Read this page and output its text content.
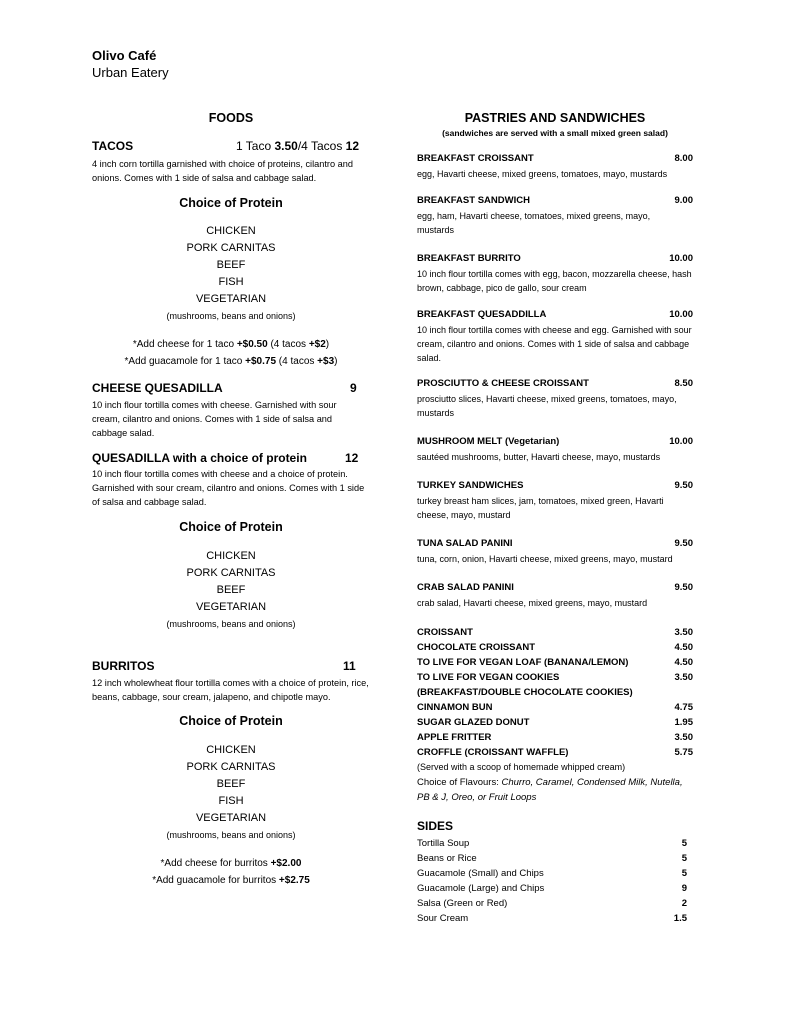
Olivo Café
Urban Eatery
FOODS
TACOS	1 Taco 3.50/4 Tacos 12
4 inch corn tortilla garnished with choice of proteins, cilantro and onions. Comes with 1 side of salsa and cabbage salad.
Choice of Protein
CHICKEN
PORK CARNITAS
BEEF
FISH
VEGETARIAN
(mushrooms, beans and onions)
*Add cheese for 1 taco +$0.50 (4 tacos +$2)
*Add guacamole for 1 taco +$0.75 (4 tacos +$3)
CHEESE QUESADILLA	9
10 inch flour tortilla comes with cheese. Garnished with sour cream, cilantro and onions. Comes with 1 side of salsa and cabbage salad.
QUESADILLA with a choice of protein	12
10 inch flour tortilla comes with cheese and a choice of protein. Garnished with sour cream, cilantro and onions. Comes with 1 side of salsa and cabbage salad.
Choice of Protein
CHICKEN
PORK CARNITAS
BEEF
VEGETARIAN
(mushrooms, beans and onions)
BURRITOS	11
12 inch wholewheat flour tortilla comes with a choice of protein, rice, beans, cabbage, sour cream, jalapeno, and chipotle mayo.
Choice of Protein
CHICKEN
PORK CARNITAS
BEEF
FISH
VEGETARIAN
(mushrooms, beans and onions)
*Add cheese for burritos +$2.00
*Add guacamole for burritos +$2.75
PASTRIES AND SANDWICHES
(sandwiches are served with a small mixed green salad)
BREAKFAST CROISSANT	8.00
egg, Havarti cheese, mixed greens, tomatoes, mayo, mustards
BREAKFAST SANDWICH	9.00
egg, ham, Havarti cheese, tomatoes, mixed greens, mayo, mustards
BREAKFAST BURRITO	10.00
10 inch flour tortilla comes with egg, bacon, mozzarella cheese, hash brown, cabbage, pico de gallo, sour cream
BREAKFAST QUESADDILLA	10.00
10 inch flour tortilla comes with cheese and egg. Garnished with sour cream, cilantro and onions. Comes with 1 side of salsa and cabbage salad.
PROSCIUTTO & CHEESE CROISSANT	8.50
prosciutto slices, Havarti cheese, mixed greens, tomatoes, mayo, mustards
MUSHROOM MELT (Vegetarian)	10.00
sautéed mushrooms, butter, Havarti cheese, mayo, mustards
TURKEY SANDWICHES	9.50
turkey breast ham slices, jam, tomatoes, mixed green, Havarti cheese, mayo, mustard
TUNA SALAD PANINI	9.50
tuna, corn, onion, Havarti cheese, mixed greens, mayo, mustard
CRAB SALAD PANINI	9.50
crab salad, Havarti cheese, mixed greens, mayo, mustard
CROISSANT	3.50
CHOCOLATE CROISSANT	4.50
TO LIVE FOR VEGAN LOAF (BANANA/LEMON)	4.50
TO LIVE FOR VEGAN COOKIES	3.50
(BREAKFAST/DOUBLE CHOCOLATE COOKIES)
CINNAMON BUN	4.75
SUGAR GLAZED DONUT	1.95
APPLE FRITTER	3.50
CROFFLE (CROISSANT WAFFLE)	5.75
(Served with a scoop of homemade whipped cream)
Choice of Flavours: Churro, Caramel, Condensed Milk, Nutella, PB & J, Oreo, or Fruit Loops
SIDES
Tortilla Soup	5
Beans or Rice	5
Guacamole (Small) and Chips	5
Guacamole (Large) and Chips	9
Salsa (Green or Red)	2
Sour Cream	1.5
